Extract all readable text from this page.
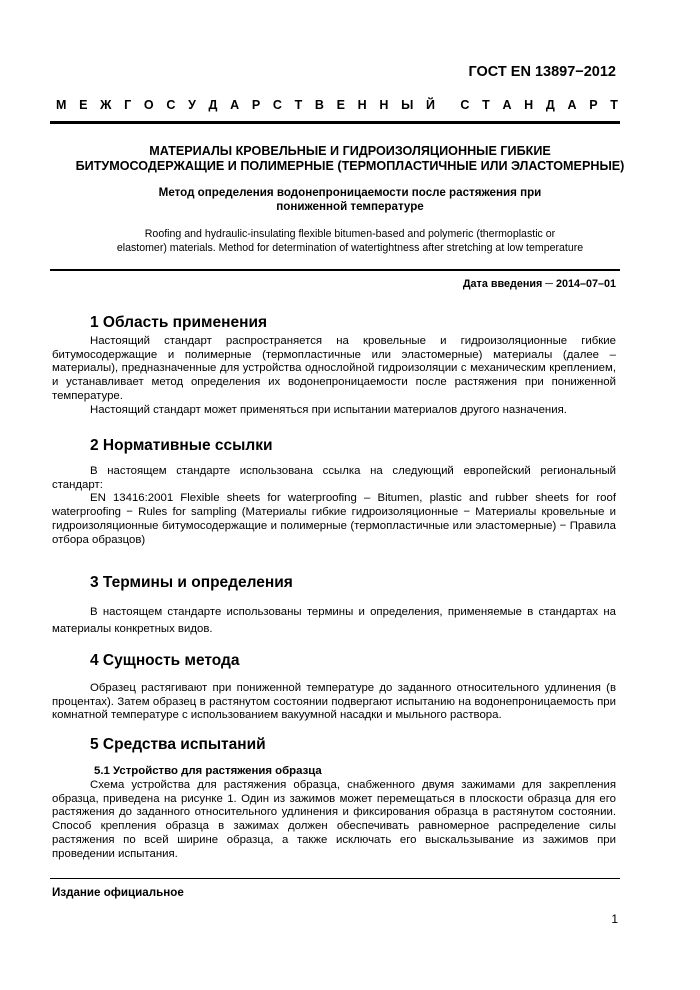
ГОСТ EN 13897−2012
М Е Ж Г О С У Д А Р С Т В Е Н Н Ы Й С Т А Н Д А Р Т
МАТЕРИАЛЫ КРОВЕЛЬНЫЕ И ГИДРОИЗОЛЯЦИОННЫЕ ГИБКИЕ
БИТУМОСОДЕРЖАЩИЕ И ПОЛИМЕРНЫЕ (ТЕРМОПЛАСТИЧНЫЕ ИЛИ ЭЛАСТОМЕРНЫЕ)
Метод определения водонепроницаемости после растяжения при
пониженной температуре
Roofing and hydraulic-insulating flexible bitumen-based and polymeric (thermoplastic or
elastomer) materials. Method for determination of watertightness after stretching at low temperature
Дата введения ─ 2014–07–01
1 Область применения

Настоящий стандарт распространяется на кровельные и гидроизоляционные гибкие битумосодержащие и полимерные (термопластичные или эластомерные) материалы (далее – материалы), предназначенные для устройства однослойной гидроизоляции с механическим креплением, и устанавливает метод определения их водонепроницаемости после растяжения при пониженной температуре.

Настоящий стандарт может применяться при испытании материалов другого назначения.

2 Нормативные ссылки

В настоящем стандарте использована ссылка на следующий европейский региональный стандарт:

EN 13416:2001 Flexible sheets for waterproofing – Bitumen, plastic and rubber sheets for roof waterproofing − Rules for sampling (Материалы гибкие гидроизоляционные − Материалы кровельные и гидроизоляционные битумосодержащие и полимерные (термопластичные или эластомерные) − Правила отбора образцов)

3 Термины и определения

В настоящем стандарте использованы термины и определения, применяемые в стандартах на материалы конкретных видов.

4 Сущность метода

Образец растягивают при пониженной температуре до заданного относительного удлинения (в процентах). Затем образец в растянутом состоянии подвергают испытанию на водонепроницаемость при комнатной температуре с использованием вакуумной насадки и мыльного раствора.

5 Средства испытаний
5.1 Устройство для растяжения образца

Схема устройства для растяжения образца, снабженного двумя зажимами для закрепления образца, приведена на рисунке 1. Один из зажимов может перемещаться в плоскости образца для его растяжения до заданного относительного удлинения и фиксирования образца в растянутом состоянии. Способ крепления образца в зажимах должен обеспечивать равномерное распределение силы растяжения по всей ширине образца, а также исключать его выскальзывание из зажимов при проведении испытания.

Издание официальное
1
